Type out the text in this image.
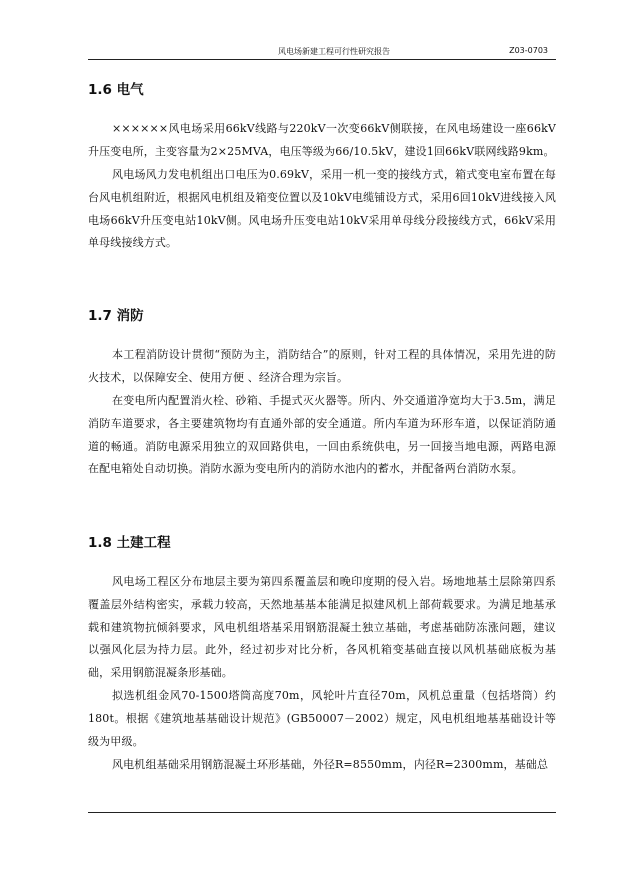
风电场新建工程可行性研究报告	Z03-0703
1.6 电气
××××××风电场采用66kV线路与220kV一次变66kV侧联接，在风电场建设一座66kV升压变电所，主变容量为2×25MVA，电压等级为66/10.5kV，建设1回66kV联网线路9km。
风电场风力发电机组出口电压为0.69kV，采用一机一变的接线方式，箱式变电室布置在每台风电机组附近，根据风电机组及箱变位置以及10kV电缆铺设方式，采用6回10kV进线接入风电场66kV升压变电站10kV侧。风电场升压变电站10kV采用单母线分段接线方式，66kV采用单母线接线方式。
1.7 消防
本工程消防设计贯彻“预防为主，消防结合”的原则，针对工程的具体情况，采用先进的防火技术，以保障安全、使用方便 、经济合理为宗旨。
在变电所内配置消火栓、砂箱、手提式灭火器等。所内、外交通道净宽均大于3.5m，满足消防车道要求，各主要建筑物均有直通外部的安全通道。所内车道为环形车道，以保证消防通道的畅通。消防电源采用独立的双回路供电，一回由系统供电，另一回接当地电源，两路电源在配电箱处自动切换。消防水源为变电所内的消防水池内的蓄水，并配备两台消防水泵。
1.8 土建工程
风电场工程区分布地层主要为第四系覆盖层和晚印度期的侵入岩。场地地基土层除第四系覆盖层外结构密实，承载力较高，天然地基基本能满足拟建风机上部荷载要求。为满足地基承载和建筑物抗倾斜要求，风电机组塔基采用钢筋混凝土独立基础，考虑基础防冻涨问题，建议以强风化层为持力层。此外，经过初步对比分析，各风机箱变基础直接以风机基础底板为基础，采用钢筋混凝条形基础。
拟选机组金风70-1500塔筒高度70m，风轮叶片直径70m，风机总重量（包括塔筒）约180t。根据《建筑地基基础设计规范》(GB50007－2002）规定，风电机组地基基础设计等级为甲级。
风电机组基础采用钢筋混凝土环形基础，外径R=8550mm，内径R=2300mm，基础总
